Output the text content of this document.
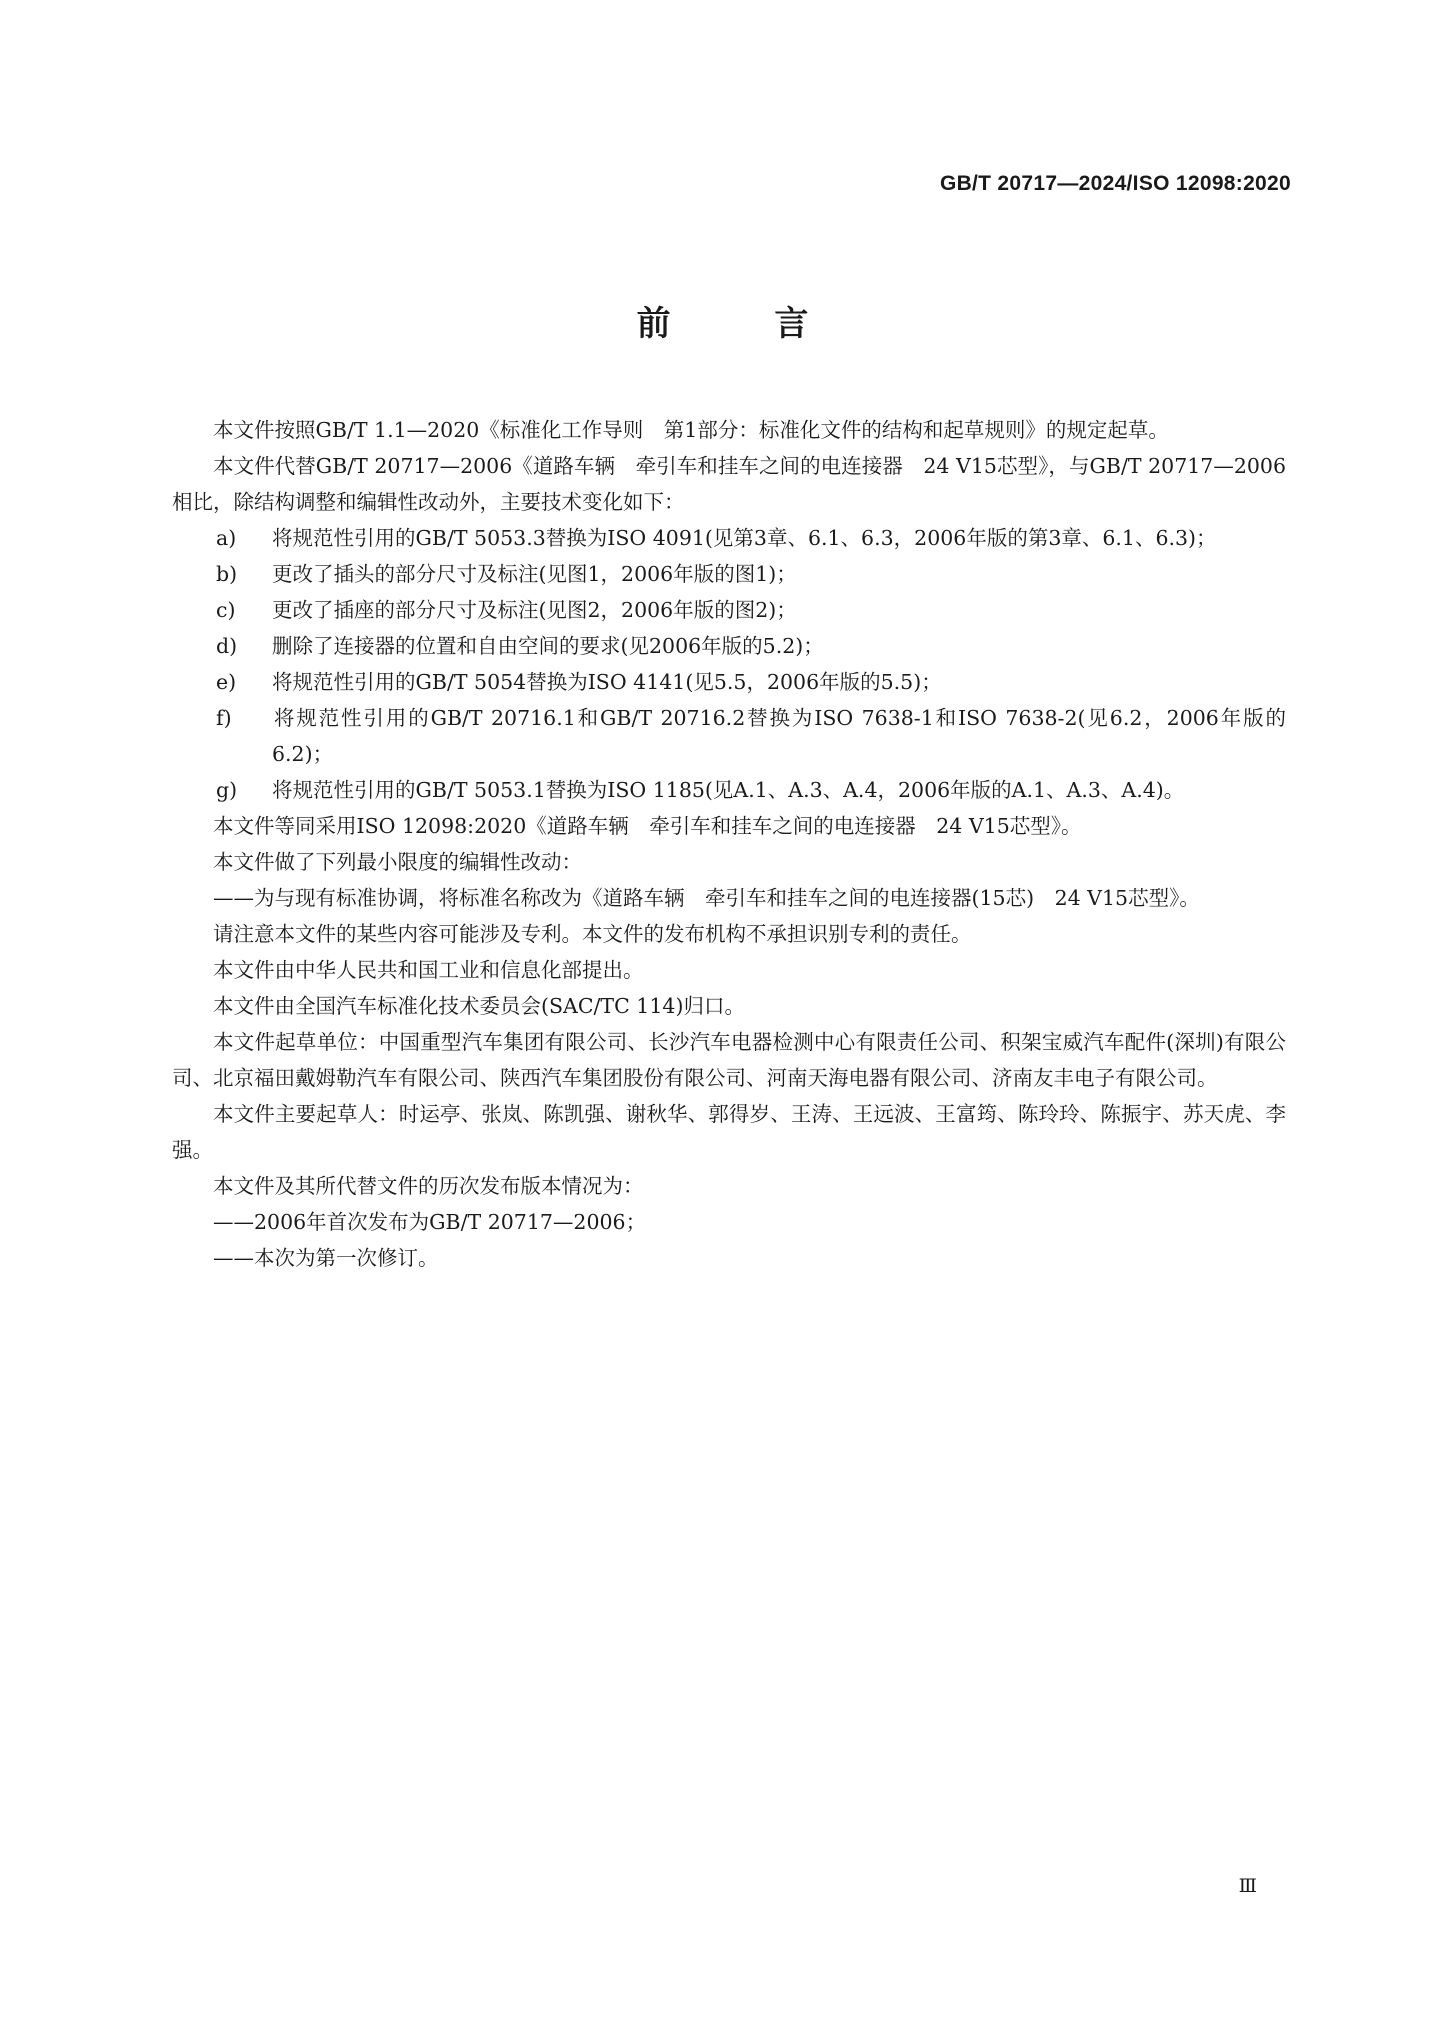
GB/T 20717—2024/ISO 12098:2020
前 言

本文件按照GB/T 1.1—2020《标准化工作导则　第1部分：标准化文件的结构和起草规则》的规定起草。

本文件代替GB/T 20717—2006《道路车辆　牵引车和挂车之间的电连接器　24 V15芯型》，与GB/T 20717—2006相比，除结构调整和编辑性改动外，主要技术变化如下：

a) 将规范性引用的GB/T 5053.3替换为ISO 4091(见第3章、6.1、6.3，2006年版的第3章、6.1、6.3)；

b) 更改了插头的部分尺寸及标注(见图1，2006年版的图1)；

c) 更改了插座的部分尺寸及标注(见图2，2006年版的图2)；

d) 删除了连接器的位置和自由空间的要求(见2006年版的5.2)；

e) 将规范性引用的GB/T 5054替换为ISO 4141(见5.5，2006年版的5.5)；

f) 将规范性引用的GB/T 20716.1和GB/T 20716.2替换为ISO 7638-1和ISO 7638-2(见6.2，2006年版的6.2)；

g) 将规范性引用的GB/T 5053.1替换为ISO 1185(见A.1、A.3、A.4，2006年版的A.1、A.3、A.4)。

本文件等同采用ISO 12098:2020《道路车辆　牵引车和挂车之间的电连接器　24 V15芯型》。

本文件做了下列最小限度的编辑性改动：

——为与现有标准协调，将标准名称改为《道路车辆　牵引车和挂车之间的电连接器(15芯)　24 V15芯型》。

请注意本文件的某些内容可能涉及专利。本文件的发布机构不承担识别专利的责任。

本文件由中华人民共和国工业和信息化部提出。

本文件由全国汽车标准化技术委员会(SAC/TC 114)归口。

本文件起草单位：中国重型汽车集团有限公司、长沙汽车电器检测中心有限责任公司、积架宝威汽车配件(深圳)有限公司、北京福田戴姆勒汽车有限公司、陕西汽车集团股份有限公司、河南天海电器有限公司、济南友丰电子有限公司。

本文件主要起草人：时运亭、张岚、陈凯强、谢秋华、郭得岁、王涛、王远波、王富筠、陈玲玲、陈振宇、苏天虎、李强。

本文件及其所代替文件的历次发布版本情况为：

——2006年首次发布为GB/T 20717—2006；

——本次为第一次修订。

Ⅲ
